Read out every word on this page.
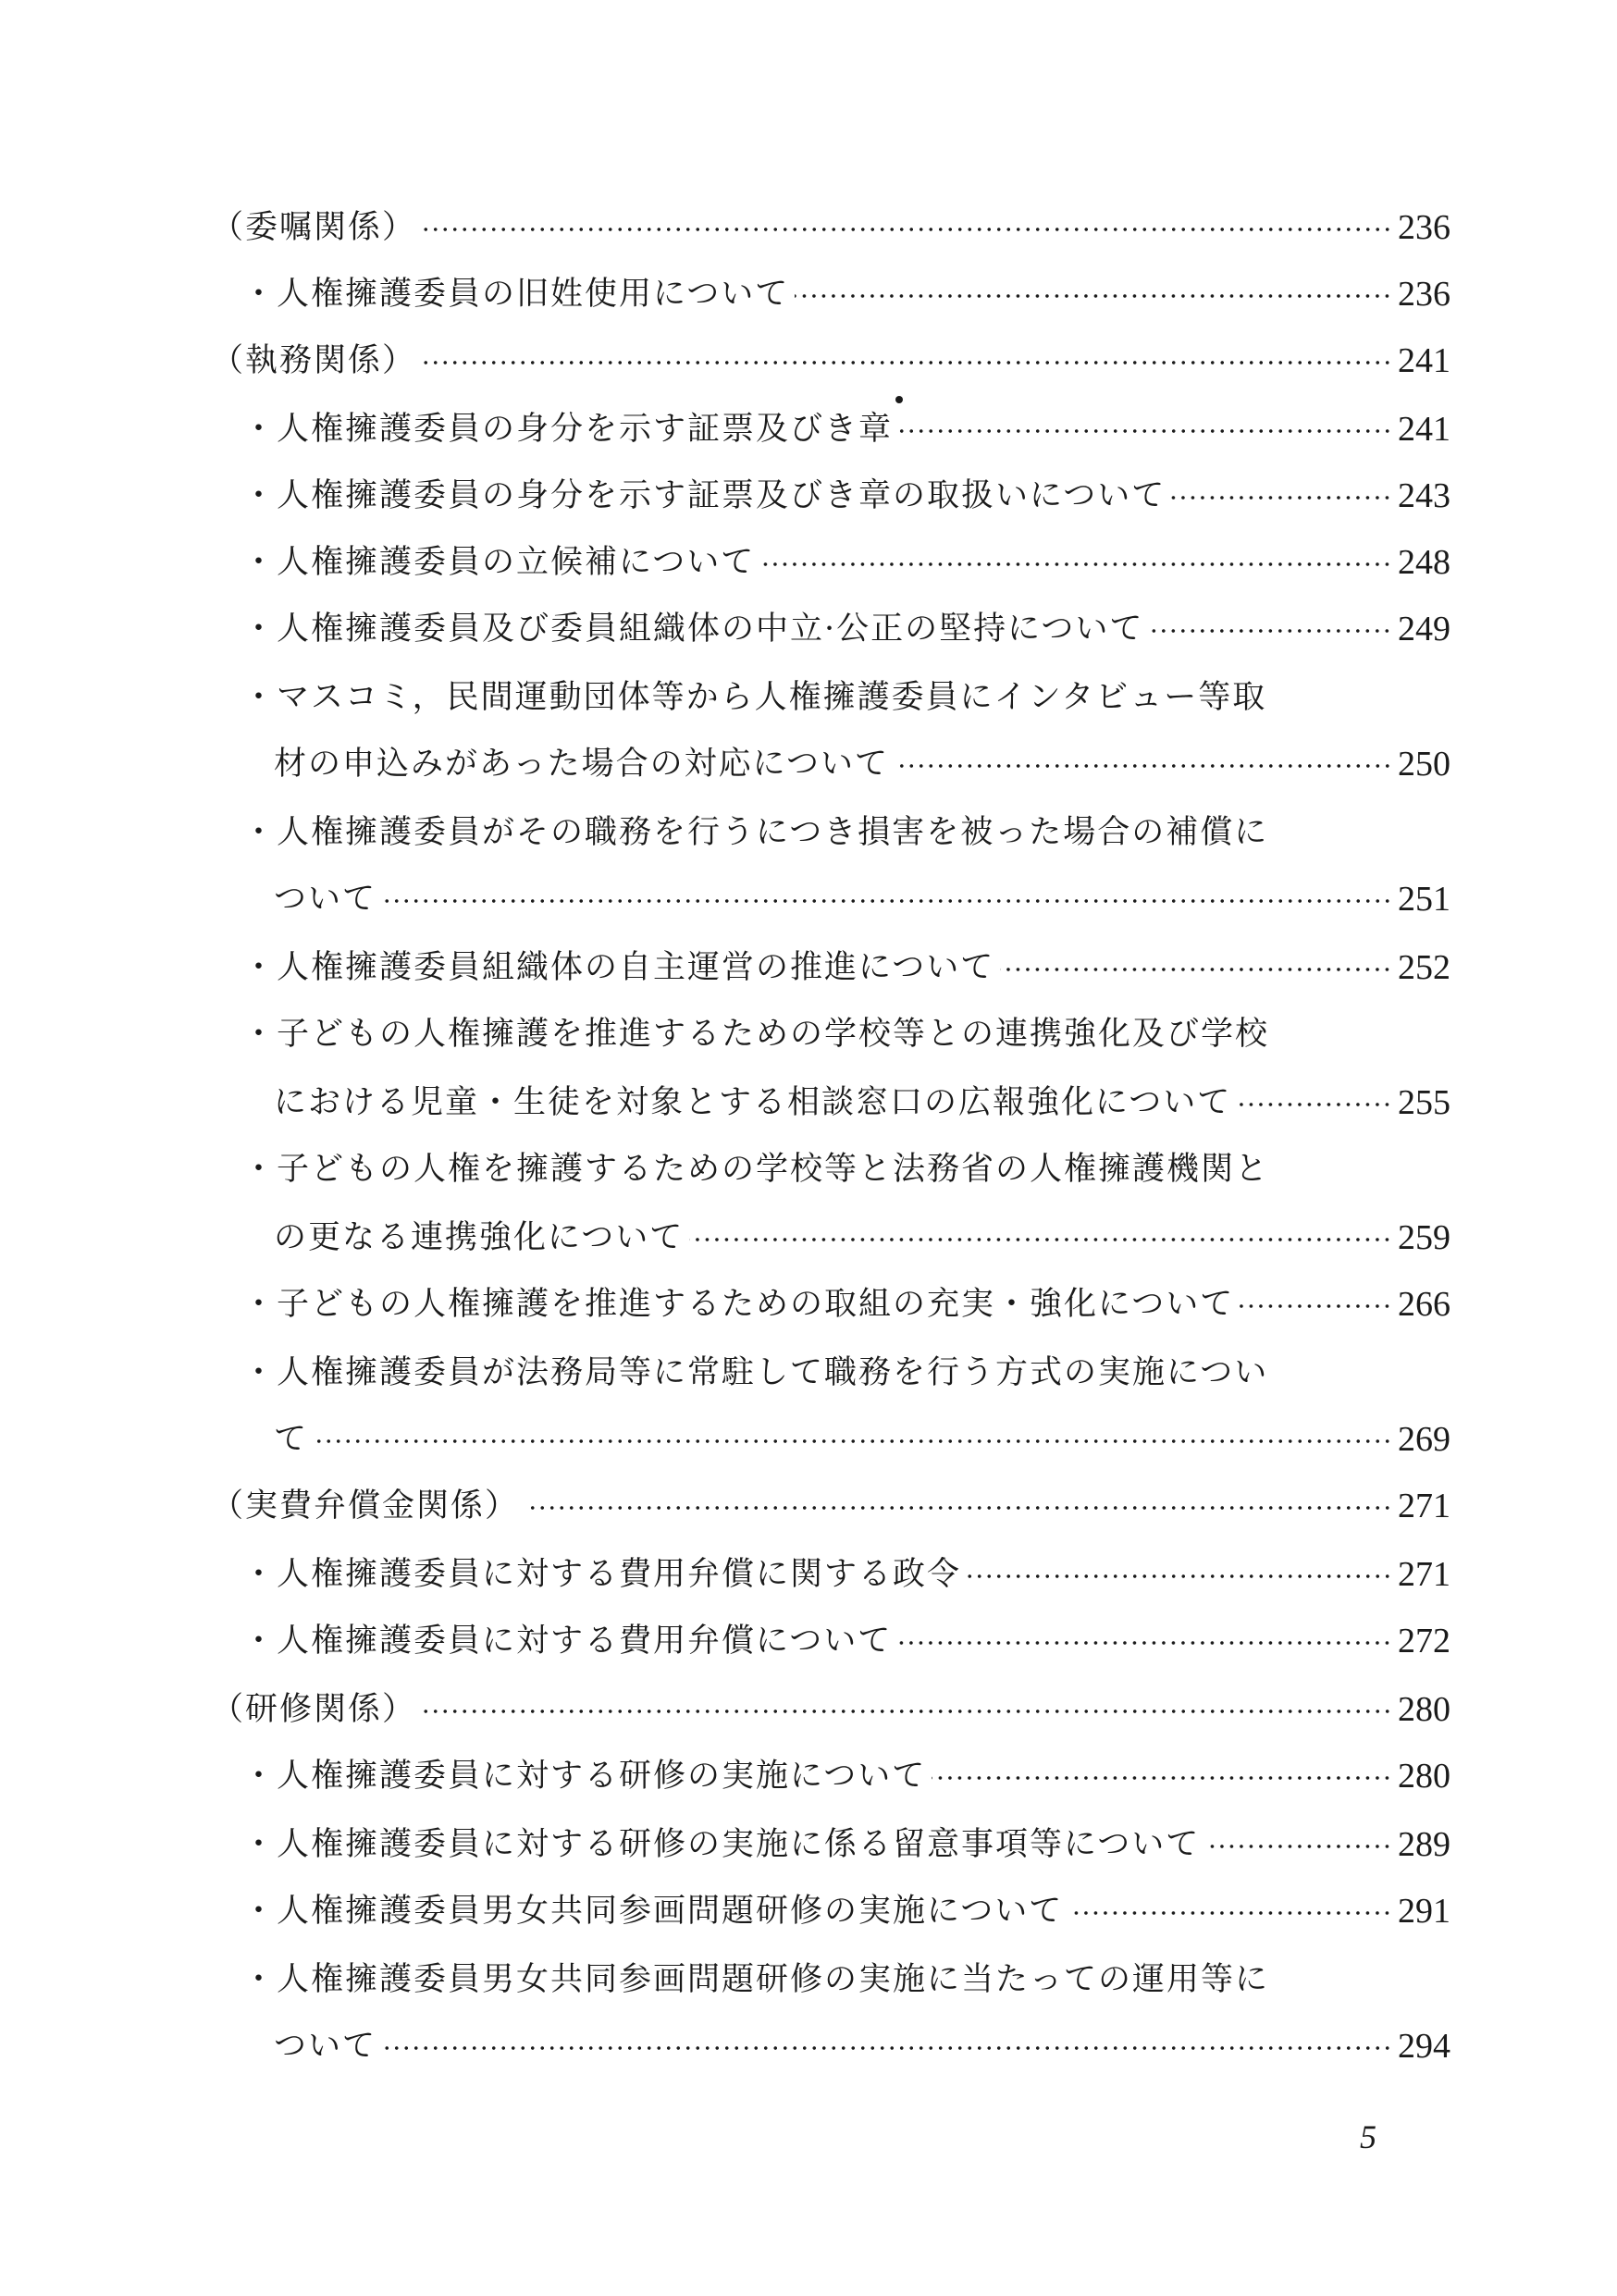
（委嘱関係）	236
・人権擁護委員の旧姓使用について	236
（執務関係）	241
・人権擁護委員の身分を示す証票及びき章	241
・人権擁護委員の身分を示す証票及びき章の取扱いについて	243
・人権擁護委員の立候補について	248
・人権擁護委員及び委員組織体の中立·公正の堅持について	249
・マスコミ，民間運動団体等から人権擁護委員にインタビュー等取
材の申込みがあった場合の対応について	250
・人権擁護委員がその職務を行うにつき損害を被った場合の補償に
ついて	251
・人権擁護委員組織体の自主運営の推進について	252
・子どもの人権擁護を推進するための学校等との連携強化及び学校
における児童・生徒を対象とする相談窓口の広報強化について	255
・子どもの人権を擁護するための学校等と法務省の人権擁護機関と
の更なる連携強化について	259
・子どもの人権擁護を推進するための取組の充実・強化について	266
・人権擁護委員が法務局等に常駐して職務を行う方式の実施につい
て	269
（実費弁償金関係）	271
・人権擁護委員に対する費用弁償に関する政令	271
・人権擁護委員に対する費用弁償について	272
（研修関係）	280
・人権擁護委員に対する研修の実施について	280
・人権擁護委員に対する研修の実施に係る留意事項等について	289
・人権擁護委員男女共同参画問題研修の実施について	291
・人権擁護委員男女共同参画問題研修の実施に当たっての運用等に
ついて	294
5
